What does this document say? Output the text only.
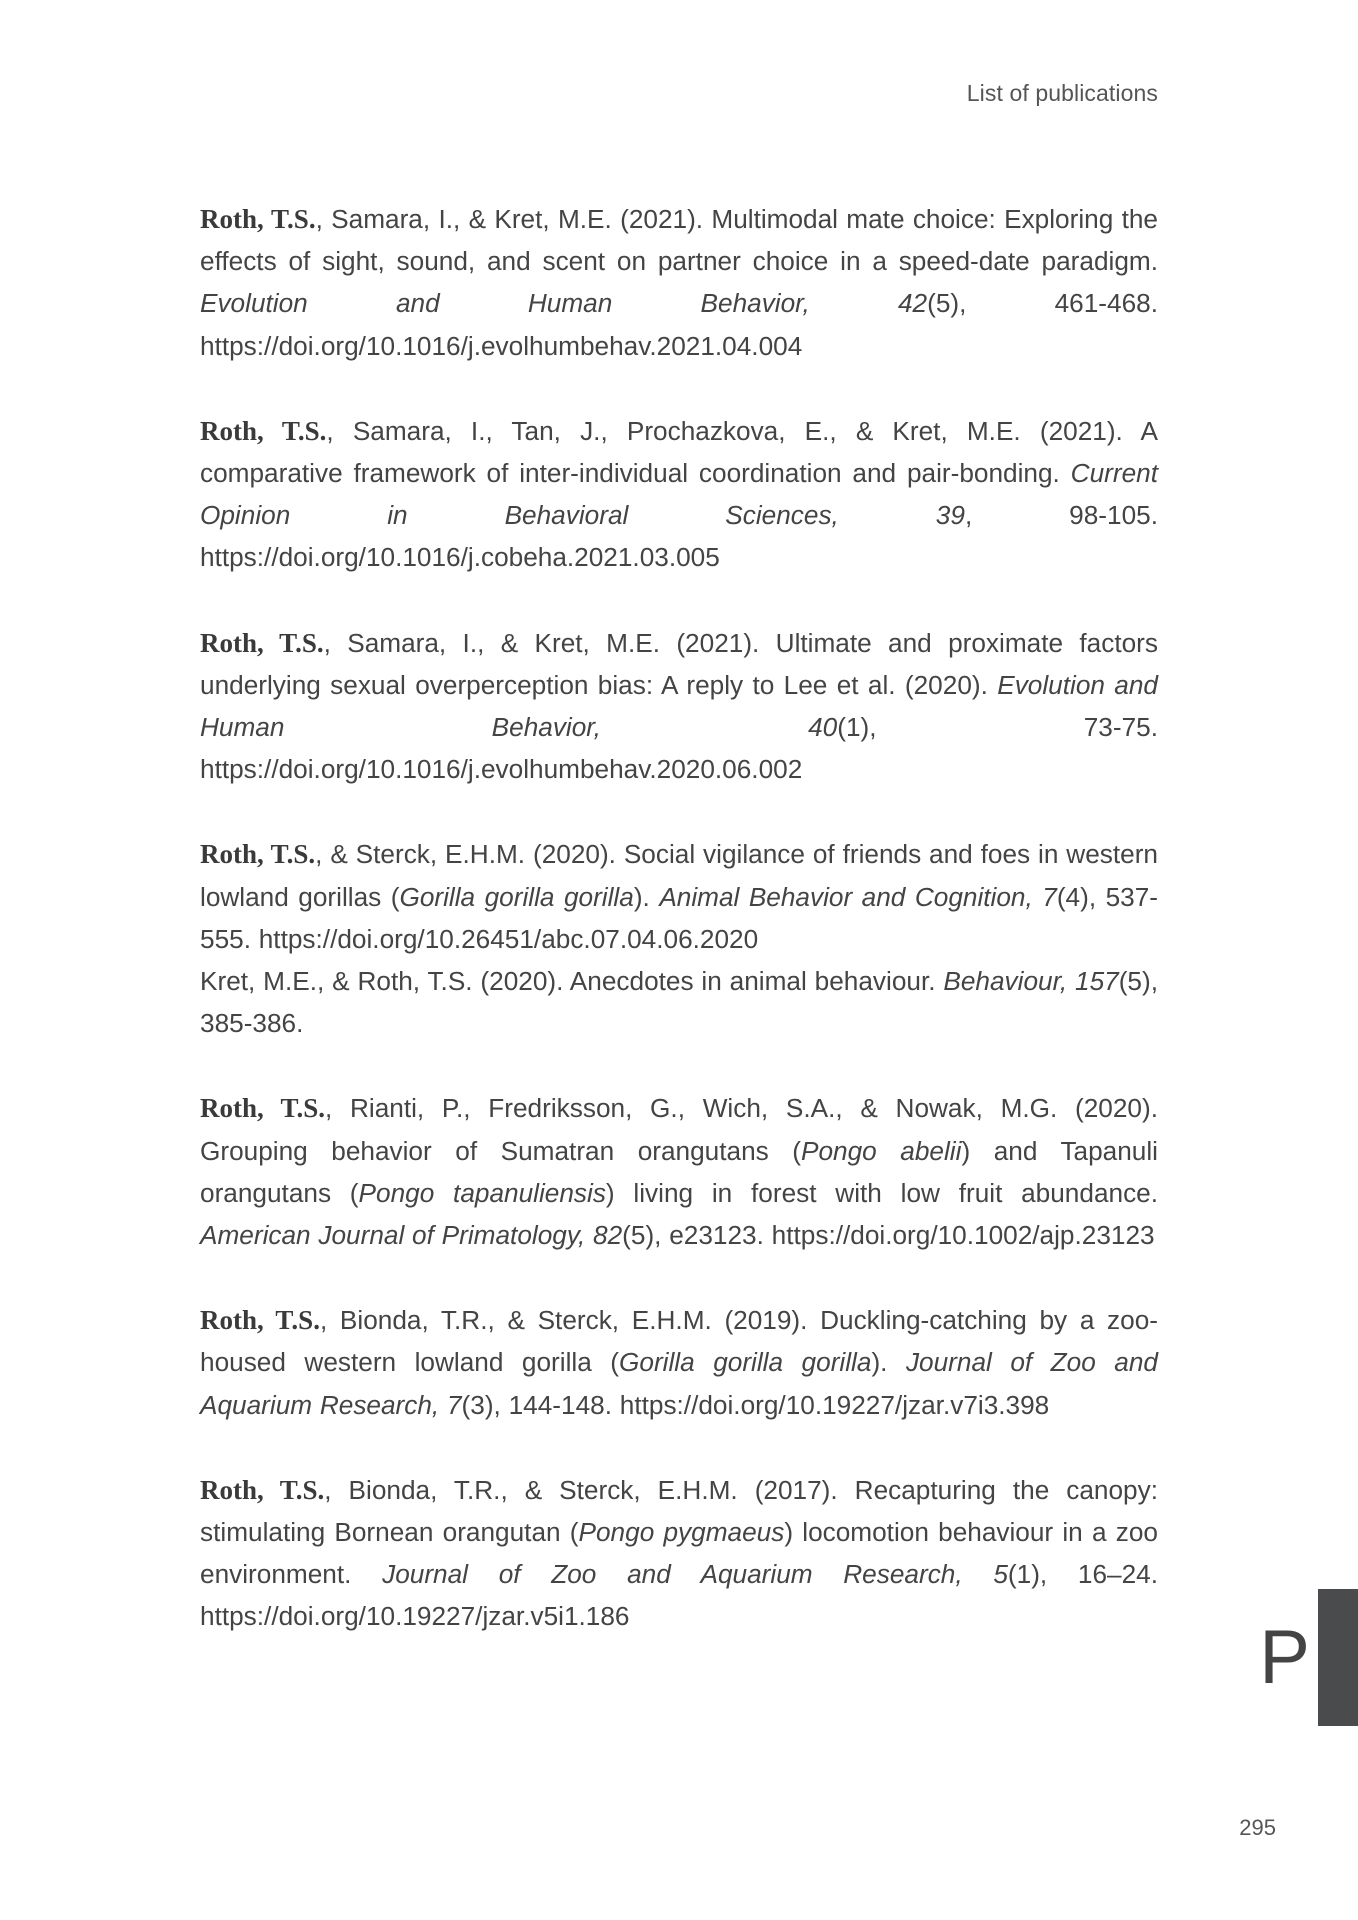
List of publications

Roth, T.S., Samara, I., & Kret, M.E. (2021). Multimodal mate choice: Exploring the effects of sight, sound, and scent on partner choice in a speed-date paradigm. Evolution and Human Behavior, 42(5), 461-468. https://doi.org/10.1016/j.evolhumbehav.2021.04.004

Roth, T.S., Samara, I., Tan, J., Prochazkova, E., & Kret, M.E. (2021). A comparative framework of inter-individual coordination and pair-bonding. Current Opinion in Behavioral Sciences, 39, 98-105. https://doi.org/10.1016/j.cobeha.2021.03.005

Roth, T.S., Samara, I., & Kret, M.E. (2021). Ultimate and proximate factors underlying sexual overperception bias: A reply to Lee et al. (2020). Evolution and Human Behavior, 40(1), 73-75. https://doi.org/10.1016/j.evolhumbehav.2020.06.002

Roth, T.S., & Sterck, E.H.M. (2020). Social vigilance of friends and foes in western lowland gorillas (Gorilla gorilla gorilla). Animal Behavior and Cognition, 7(4), 537-555. https://doi.org/10.26451/abc.07.04.06.2020

Kret, M.E., & Roth, T.S. (2020). Anecdotes in animal behaviour. Behaviour, 157(5), 385-386.

Roth, T.S., Rianti, P., Fredriksson, G., Wich, S.A., & Nowak, M.G. (2020). Grouping behavior of Sumatran orangutans (Pongo abelii) and Tapanuli orangutans (Pongo tapanuliensis) living in forest with low fruit abundance. American Journal of Primatology, 82(5), e23123. https://doi.org/10.1002/ajp.23123

Roth, T.S., Bionda, T.R., & Sterck, E.H.M. (2019). Duckling-catching by a zoo-housed western lowland gorilla (Gorilla gorilla gorilla). Journal of Zoo and Aquarium Research, 7(3), 144-148. https://doi.org/10.19227/jzar.v7i3.398

Roth, T.S., Bionda, T.R., & Sterck, E.H.M. (2017). Recapturing the canopy: stimulating Bornean orangutan (Pongo pygmaeus) locomotion behaviour in a zoo environment. Journal of Zoo and Aquarium Research, 5(1), 16–24. https://doi.org/10.19227/jzar.v5i1.186	P
295
